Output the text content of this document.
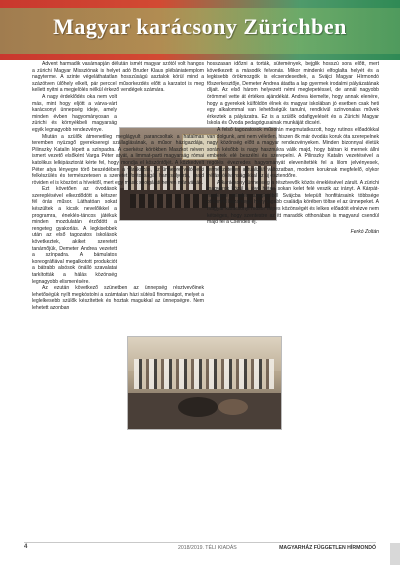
Magyar karácsony Zürichben

Advent harmadik vasárnapján délután ismét magyar szótól volt hangos a zürichi Magyar Missziónak is helyet adó Bruder Klaus plébániatemplom nagyterme. A szinte végeláthatatlan hosszúságú asztalok körül mind a százötven ülőhely elkelt, pár perccel műsorkezdés előtt a karzatot is meg kellett nyitni a megjelölés nélkül érkező vendégek számára.

A nagy érdeklődés oka nem volt más, mint hogy eljött a várva-várt karácsonyi ünnepség ideje, amely minden évben hagyományosan a zürichi és környékbeli magyarság egyik legnagyobb rendezvénye.

Miután a szülők átmenetileg meglágyult parancsoltak a hatalmas teremben nyüzsgő gyerekseregi szállaglásának, a műsor házigazdája, Pilinszky Katalin lépett a színpadra. A cserkész körökben Maszkot néven ismert vezető elsőként Varga Péter atyát, a limmat-parti magyarság római katolikus lelkipásztorát kérte fel, hogy mondja el köszöntőjét. A közkedvelt Péter atya lényegre törő beszédében a várakozás, az ünnepre való lelki felkészülés és természetesen a szeretet fontosságát hangsúlyozta, majd röviden el is köszönt a hívektől, mert egy másik szolgálati helyen már várták.

Ezt követően az óvodások szereplésével elkezdődött a kétszer fél órás műsor. Láthatóan sokat készültek a kicsik nevelőikkel a programra, éneklés-táncos játékuk minden mozdulatán érződött a rengeteg gyakorlás. A legkisebbek után az első tagozatos iskolások következtek, akiket szeretett tanárnőjük, Demeter Andrea vezetett a színpadra. A bámulatos koreográfiával megalkotott produkciót a bátrabb alsósok önálló szavalatai tarkították a hálás közönség legnagyobb elismerésére.

Az ezután következő szünetben az ünnepség résztvevőinek lehetőségük nyílt megkóstolni a számtalan házi sütésű finomságot, melyet a leglelkesebb szülők készítettek és hoztak magukkal az ünnepségre. Nem lehetett azonban

hosszasan időzni a torták, sütemények, bejglik hosszú sora előtt, mert következett a második felvonás. Mikor mindenki elfoglalta helyét és a legkisebb örökmozgók is elcsendesedtek, a Svájci Magyar Hírmondó főszerkesztője, Demeter Andrea átadta a lap gyermek irodalmi pályázatának díjait. Az első három helyezett némi meglepetéssel, de annál nagyobb örömmel vette át értékes ajándékát. Andrea kiemelte, hogy annak elenére, hogy a gyerekek külföldön élnek és magyar iskolában jó esetben csak heti egy alkalommal van lehetőségük tanulni, rendkívül színvonalas művek érkeztek a pályázatra. Ez is a szülők odafigyelését és a Zürichi Magyar Iskola és Óvoda pedagógusainak munkáját dicséri.

A felső tagozatosok műsorán megmutatkozott, hogy rutinos előadókkal van dolgunk, ami nem véletlen, hiszen ők már óvodás koruk óta szerepelnek nagy közönség előtt a magyar rendezvényeken. Minden bizonnyal életük során később is nagy hasznukra válik majd, hogy bátran ki mernek állni emberek elé beszélni és szerepelni. A Pilinszky Katalin vezetésével a regölés évezredes hagyományát elevenítették fel a lilom jelvényesek, természetesen aktualizált változatban, modern koruknak megfelelő, olykor tréfás jókívánságokkal az új esztendőre.

A karácsonyi ünnepség a résztvevők közös éneklésével zárult. A zürichi magyarok közül a jövő héten sokan kelet felé veszik az irányt. A Kárpát-medence minden szegletéből Svájcba települt honfitársaink többsége otthonról hazamegy, hogy tágabb családja körében töltse el az ünnepeket. A magyar karácsonyi műsor népes közönségét és lelkes előadóit elnézve nem kétséges, hogy szentestre az itt maradók otthonában is magyarul csendül majd fel a Csendes éj.

Ferkó Zoltán
4	2018/2019. TÉLI KIADÁS	MAGYARHÁZ FÜGGETLEN HÍRMONDÓ
